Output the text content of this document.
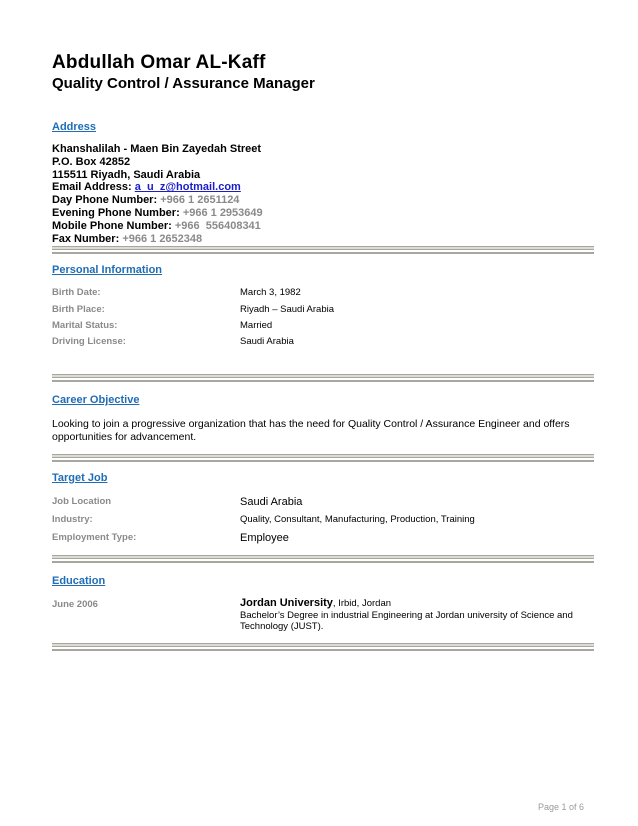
Abdullah Omar AL-Kaff
Quality Control / Assurance Manager
Address
Khanshalilah - Maen Bin Zayedah Street
P.O. Box 42852
115511 Riyadh, Saudi Arabia
Email Address: a_u_z@hotmail.com
Day Phone Number: +966 1 2651124
Evening Phone Number: +966 1 2953649
Mobile Phone Number: +966  556408341
Fax Number: +966 1 2652348
Personal Information
Birth Date:	March 3, 1982
Birth Place:	Riyadh – Saudi Arabia
Marital Status:	Married
Driving License:	Saudi Arabia
Career Objective
Looking to join a progressive organization that has the need for Quality Control / Assurance Engineer and offers opportunities for advancement.
Target Job
Job Location	Saudi Arabia
Industry:	Quality, Consultant, Manufacturing, Production, Training
Employment Type:	Employee
Education
June 2006	Jordan University, Irbid, Jordan
Bachelor’s Degree in industrial Engineering at Jordan university of Science and Technology (JUST).
Page 1 of 6
